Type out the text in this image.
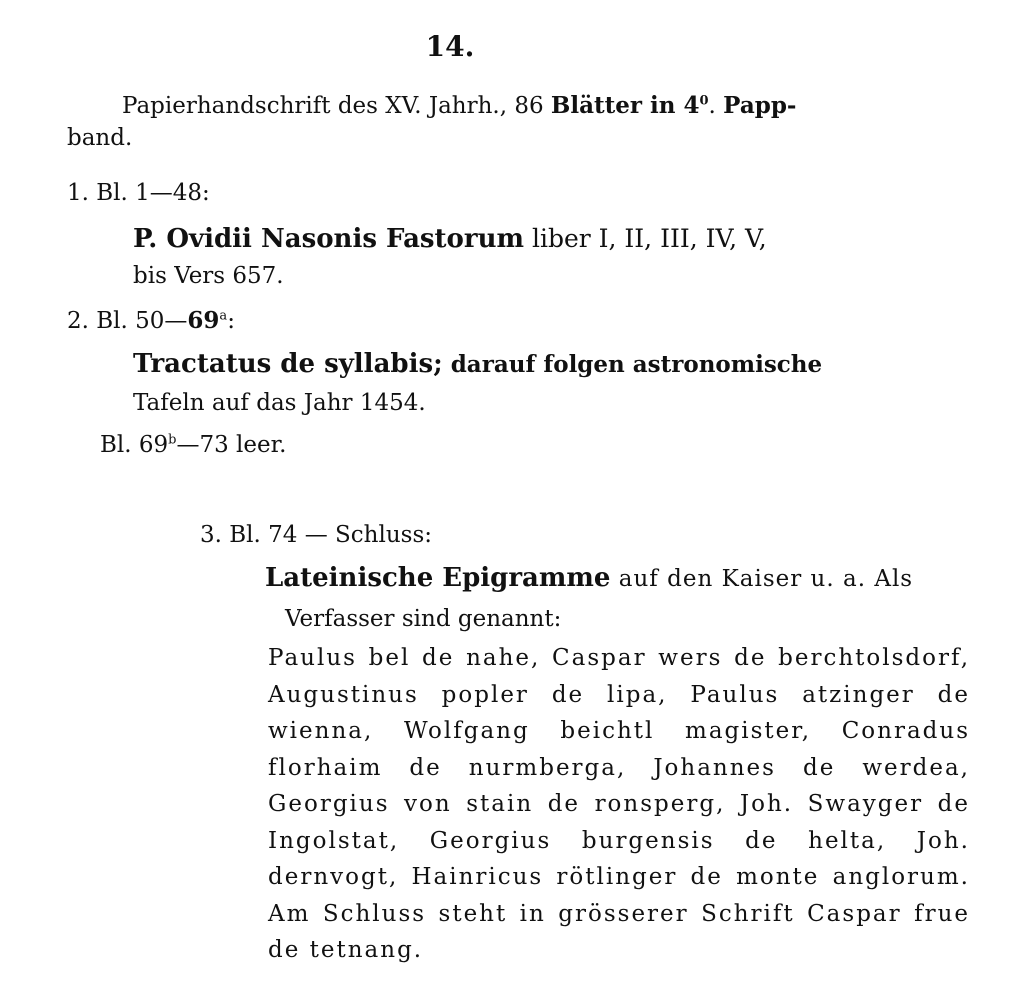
14.
Papierhandschrift des XV. Jahrh., 86 Blätter in $4^0$. Papp-
band.
1. Bl. 1—48:
P. Ovidii Nasonis Fastorum liber I, II, III, IV, V,
bis Vers 657.
2. Bl. 50—69$^a$:
Tractatus de syllabis; darauf folgen astronomische
Tafeln auf das Jahr 1454.
Bl. 69$^b$—73 leer.
3. Bl. 74 — Schluss:
Lateinische Epigramme auf den Kaiser u. a. Als
Verfasser sind genannt:
Paulus bel de nahe, Caspar wers de berchtolsdorf, Augustinus popler de lipa, Paulus atzinger de wienna, Wolfgang beichtl magister, Conradus florhaim de nurmberga, Johannes de werdea, Georgius von stain de ronsperg, Joh. Swayger de Ingolstat, Georgius burgensis de helta, Joh. dernvogt, Hainricus rötlinger de monte anglorum. Am Schluss steht in grösserer Schrift Caspar frue de tetnang.
